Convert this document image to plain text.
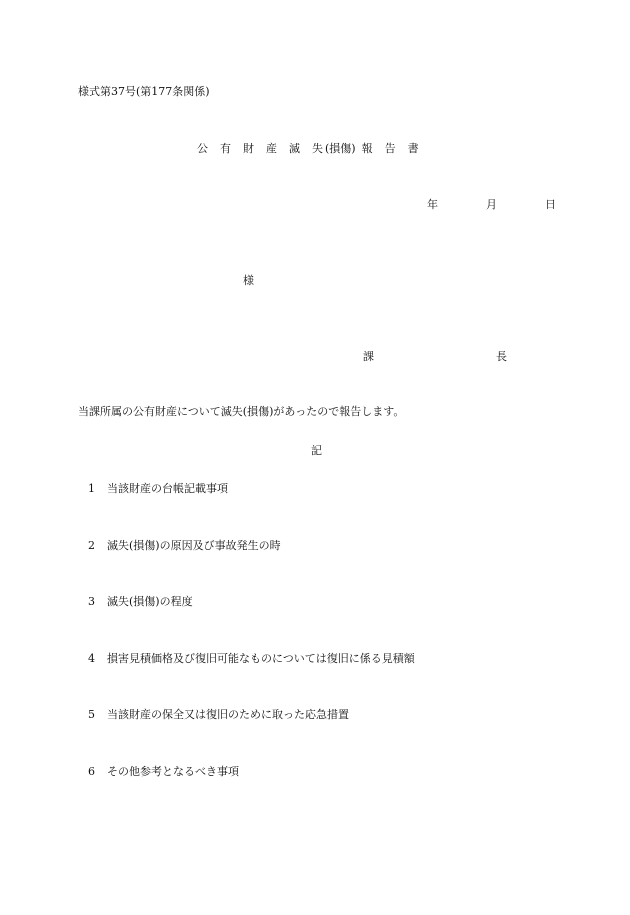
様式第37号(第177条関係)
公 有 財 産 滅 失 (損傷) 報 告 書
年	月	日
様
課	長
当課所属の公有財産について滅失(損傷)があったので報告します。
記
1	当該財産の台帳記載事項
2	滅失(損傷)の原因及び事故発生の時
3	滅失(損傷)の程度
4	損害見積価格及び復旧可能なものについては復旧に係る見積額
5	当該財産の保全又は復旧のために取った応急措置
6	その他参考となるべき事項
